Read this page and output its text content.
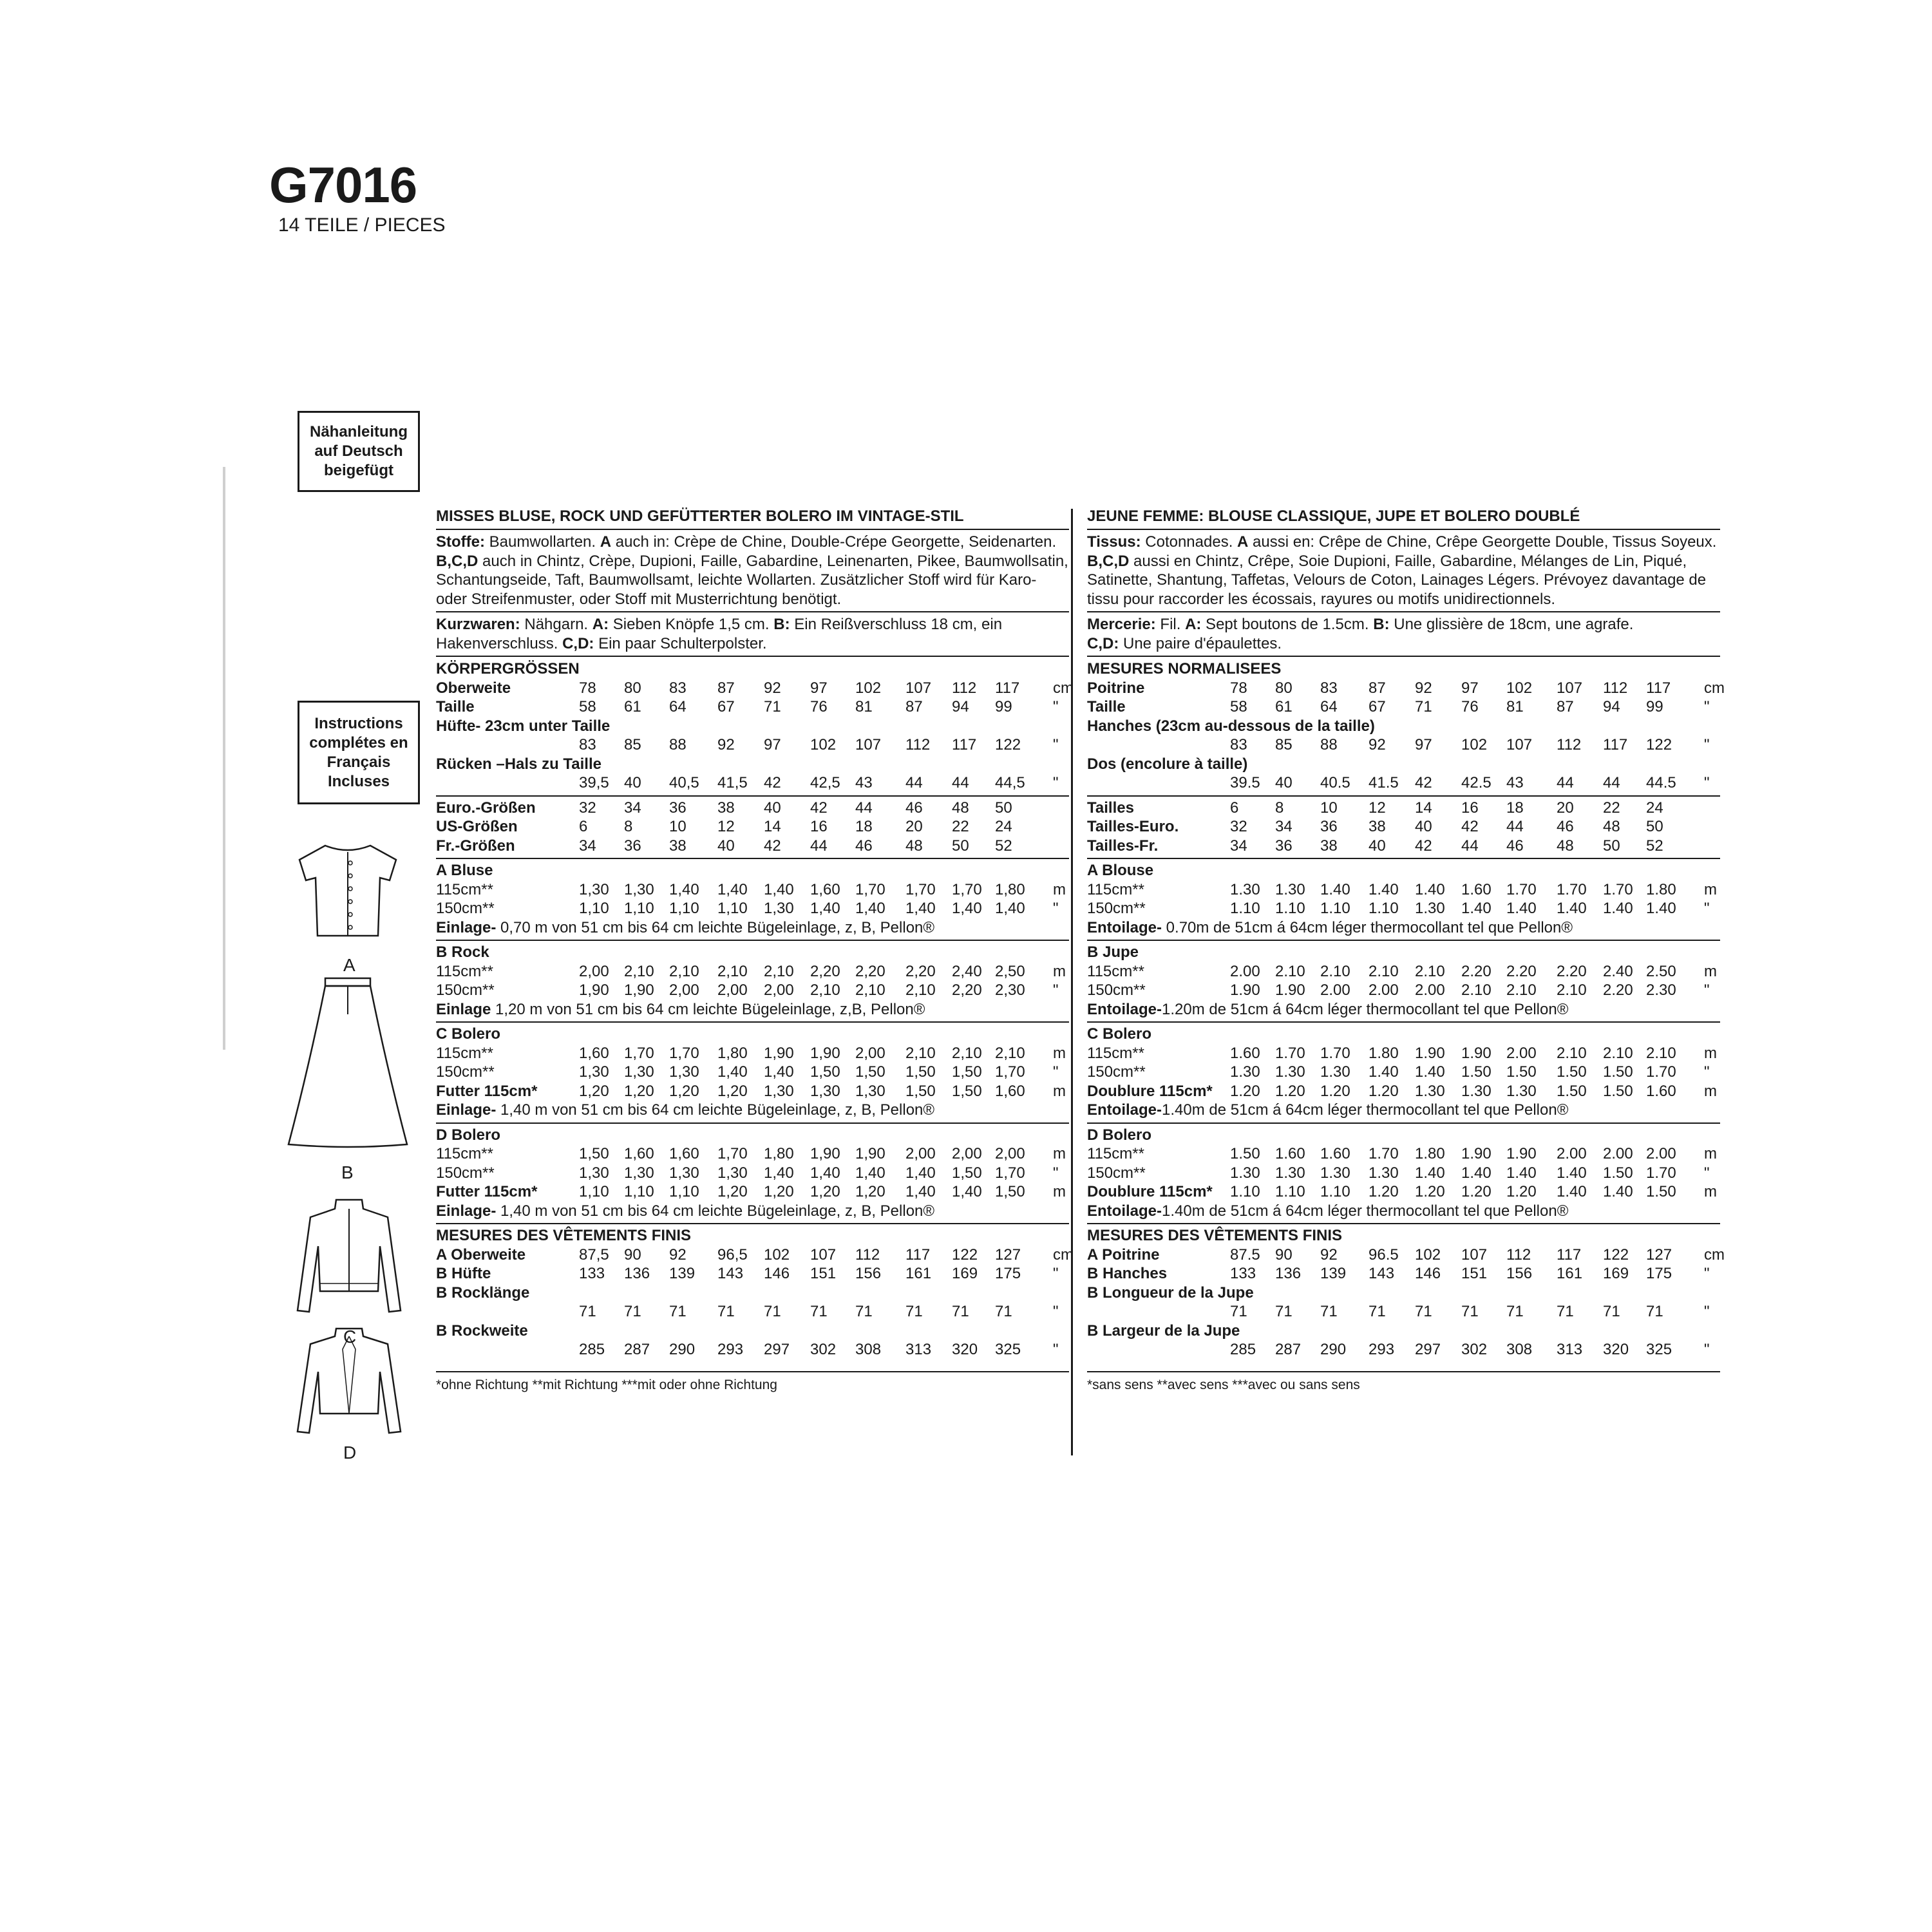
G7016
14 TEILE / PIECES
Nähanleitung auf Deutsch beigefügt
Instructions complétes en Français Incluses
A
B
C
D
MISSES BLUSE, ROCK UND GEFÜTTERTER BOLERO IM VINTAGE-STIL
Stoffe: Baumwollarten. A auch in: Crèpe de Chine, Double-Crépe Georgette, Seidenarten.
B,C,D auch in Chintz, Crèpe, Dupioni, Faille, Gabardine, Leinenarten, Pikee, Baumwollsatin, Schantungseide, Taft, Baumwollsamt, leichte Wollarten. Zusätzlicher Stoff wird für Karo- oder Streifenmuster, oder Stoff mit Musterrichtung benötigt.
Kurzwaren: Nähgarn. A: Sieben Knöpfe 1,5 cm. B: Ein Reißverschluss 18 cm, ein Hakenverschluss. C,D: Ein paar Schulterpolster.
KÖRPERGRÖSSEN
Oberweite	78	80	83	87	92	97	102	107	112	117	cm
Taille	58	61	64	67	71	76	81	87	94	99	"
Hüfte- 23cm unter Taille
83	85	88	92	97	102	107	112	117	122	"
Rücken –Hals zu Taille
39,5 40	40,5	41,5	42	42,5 43	44	44	44,5	"
Euro.-Größen	32	34	36	38	40	42	44	46	48	50
US-Größen	6	8	10	12	14	16	18	20	22	24
Fr.-Größen	34	36	38	40	42	44	46	48	50	52
A Bluse
115cm**	1,30 1,30 1,40	1,40	1,40	1,60 1,70	1,70	1,70 1,80	m
150cm**	1,10 1,10 1,10	1,10	1,30	1,40 1,40	1,40	1,40 1,40	"
Einlage- 0,70 m von 51 cm bis 64 cm leichte Bügeleinlage, z, B, Pellon®
B Rock
115cm**	2,00 2,10 2,10	2,10	2,10	2,20 2,20	2,20	2,40 2,50	m
150cm**	1,90 1,90 2,00	2,00	2,00	2,10 2,10	2,10	2,20 2,30	"
Einlage 1,20 m von 51 cm bis 64 cm leichte Bügeleinlage, z,B, Pellon®
C Bolero
115cm**	1,60 1,70 1,70	1,80	1,90	1,90 2,00	2,10	2,10 2,10	m
150cm**	1,30 1,30 1,30	1,40	1,40	1,50 1,50	1,50	1,50 1,70	"
Futter 115cm*	1,20 1,20 1,20	1,20	1,30	1,30 1,30	1,50	1,50 1,60	m
Einlage- 1,40 m von 51 cm bis 64 cm leichte Bügeleinlage, z, B, Pellon®
D Bolero
115cm**	1,50 1,60 1,60	1,70	1,80	1,90 1,90	2,00	2,00 2,00	m
150cm**	1,30 1,30 1,30	1,30	1,40	1,40 1,40	1,40	1,50 1,70	"
Futter 115cm*	1,10 1,10 1,10	1,20	1,20	1,20 1,20	1,40	1,40 1,50	m
Einlage- 1,40 m von 51 cm bis 64 cm leichte Bügeleinlage, z, B, Pellon®
MESURES DES VÊTEMENTS FINIS
A Oberweite	87,5 90	92	96,5	102	107	112	117	122	127	cm
B Hüfte	133	136	139	143	146	151	156	161	169	175	"
B Rocklänge
71	71	71	71	71	71	71	71	71	71	"
B Rockweite
285	287	290	293	297	302	308	313	320	325	"
*ohne Richtung **mit Richtung ***mit oder ohne Richtung
JEUNE FEMME: BLOUSE CLASSIQUE, JUPE ET BOLERO DOUBLÉ
Tissus: Cotonnades. A aussi en: Crêpe de Chine, Crêpe Georgette Double, Tissus Soyeux.
B,C,D aussi en Chintz, Crêpe, Soie Dupioni, Faille, Gabardine, Mélanges de Lin, Piqué, Satinette, Shantung, Taffetas, Velours de Coton, Lainages Légers. Prévoyez davantage de tissu pour raccorder les écossais, rayures ou motifs unidirectionnels.
Mercerie: Fil. A: Sept boutons de 1.5cm. B: Une glissière de 18cm, une agrafe.
C,D: Une paire d'épaulettes.
MESURES NORMALISEES
Poitrine	78	80	83	87	92	97	102	107	112	117	cm
Taille	58	61	64	67	71	76	81	87	94	99	"
Hanches (23cm au-dessous de la taille)
83	85	88	92	97	102	107	112	117	122	"
Dos (encolure à taille)
39.5 40	40.5	41.5	42	42.5 43	44	44	44.5	"
Tailles	6	8	10	12	14	16	18	20	22	24
Tailles-Euro.	32	34	36	38	40	42	44	46	48	50
Tailles-Fr.	34	36	38	40	42	44	46	48	50	52
A Blouse
115cm**	1.30 1.30 1.40	1.40	1.40	1.60 1.70	1.70	1.70 1.80	m
150cm**	1.10 1.10 1.10	1.10	1.30	1.40 1.40	1.40	1.40 1.40	"
Entoilage- 0.70m de 51cm á 64cm léger thermocollant tel que Pellon®
B Jupe
115cm**	2.00 2.10 2.10	2.10	2.10	2.20 2.20	2.20	2.40 2.50	m
150cm**	1.90 1.90 2.00	2.00	2.00	2.10 2.10	2.10	2.20 2.30	"
Entoilage-1.20m de 51cm á 64cm léger thermocollant tel que Pellon®
C Bolero
115cm**	1.60 1.70 1.70	1.80	1.90	1.90 2.00	2.10	2.10 2.10	m
150cm**	1.30 1.30 1.30	1.40	1.40	1.50 1.50	1.50	1.50 1.70	"
Doublure 115cm* 1.20 1.20 1.20	1.20	1.30	1.30 1.30	1.50	1.50 1.60	m
Entoilage-1.40m de 51cm á 64cm léger thermocollant tel que Pellon®
D Bolero
115cm**	1.50 1.60 1.60	1.70	1.80	1.90 1.90	2.00	2.00 2.00	m
150cm**	1.30 1.30 1.30	1.30	1.40	1.40 1.40	1.40	1.50 1.70	"
Doublure 115cm* 1.10 1.10 1.10	1.20	1.20	1.20 1.20	1.40	1.40 1.50	m
Entoilage-1.40m de 51cm á 64cm léger thermocollant tel que Pellon®
MESURES DES VÊTEMENTS FINIS
A Poitrine	87.5 90	92	96.5	102	107	112	117	122	127	cm
B Hanches	133	136	139	143	146	151	156	161	169	175	"
B Longueur de la Jupe
71	71	71	71	71	71	71	71	71	71	"
B Largeur de la Jupe
285	287	290	293	297	302	308	313	320	325	"
*sans sens **avec sens ***avec ou sans sens
